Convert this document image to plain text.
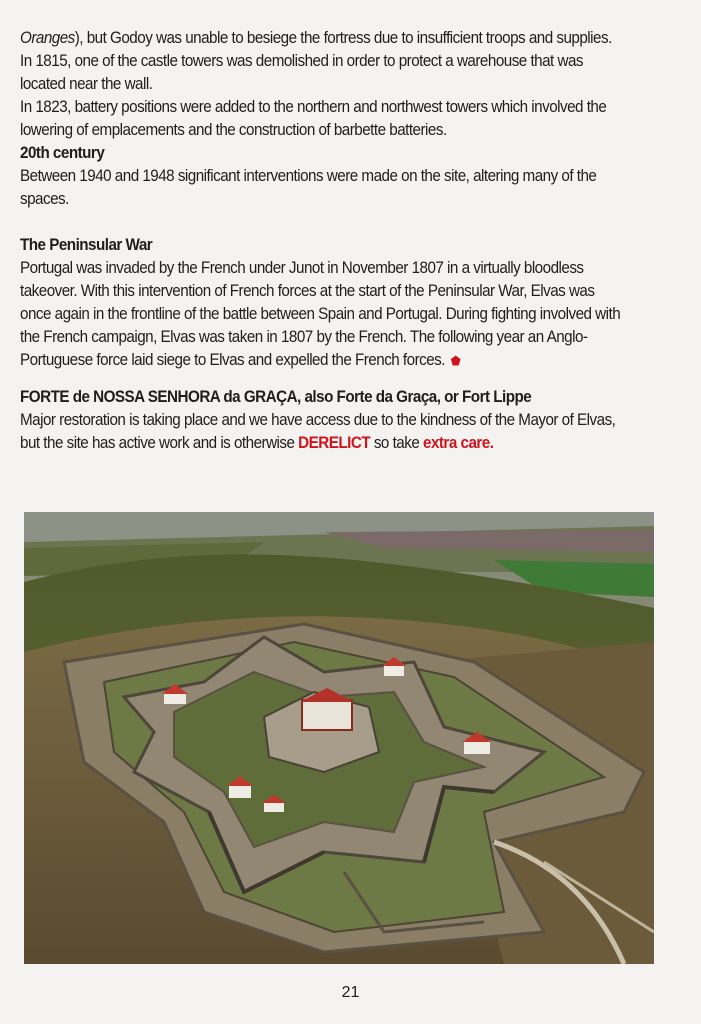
Oranges), but Godoy was unable to besiege the fortress due to insufficient troops and supplies.

In 1815, one of the castle towers was demolished in order to protect a warehouse that was located near the wall.

In 1823, battery positions were added to the northern and northwest towers which involved the lowering of emplacements and the construction of barbette batteries.

20th century

Between 1940 and 1948 significant interventions were made on the site, altering many of the spaces.

The Peninsular War

Portugal was invaded by the French under Junot in November 1807 in a virtually bloodless takeover. With this intervention of French forces at the start of the Peninsular War, Elvas was once again in the frontline of the battle between Spain and Portugal. During fighting involved with the French campaign, Elvas was taken in 1807 by the French. The following year an Anglo-Portuguese force laid siege to Elvas and expelled the French forces.

FORTE de NOSSA SENHORA da GRAÇA, also Forte da Graça, or Fort Lippe

Major restoration is taking place and we have access due to the kindness of the Mayor of Elvas, but the site has active work and is otherwise DERELICT so take extra care.

21
